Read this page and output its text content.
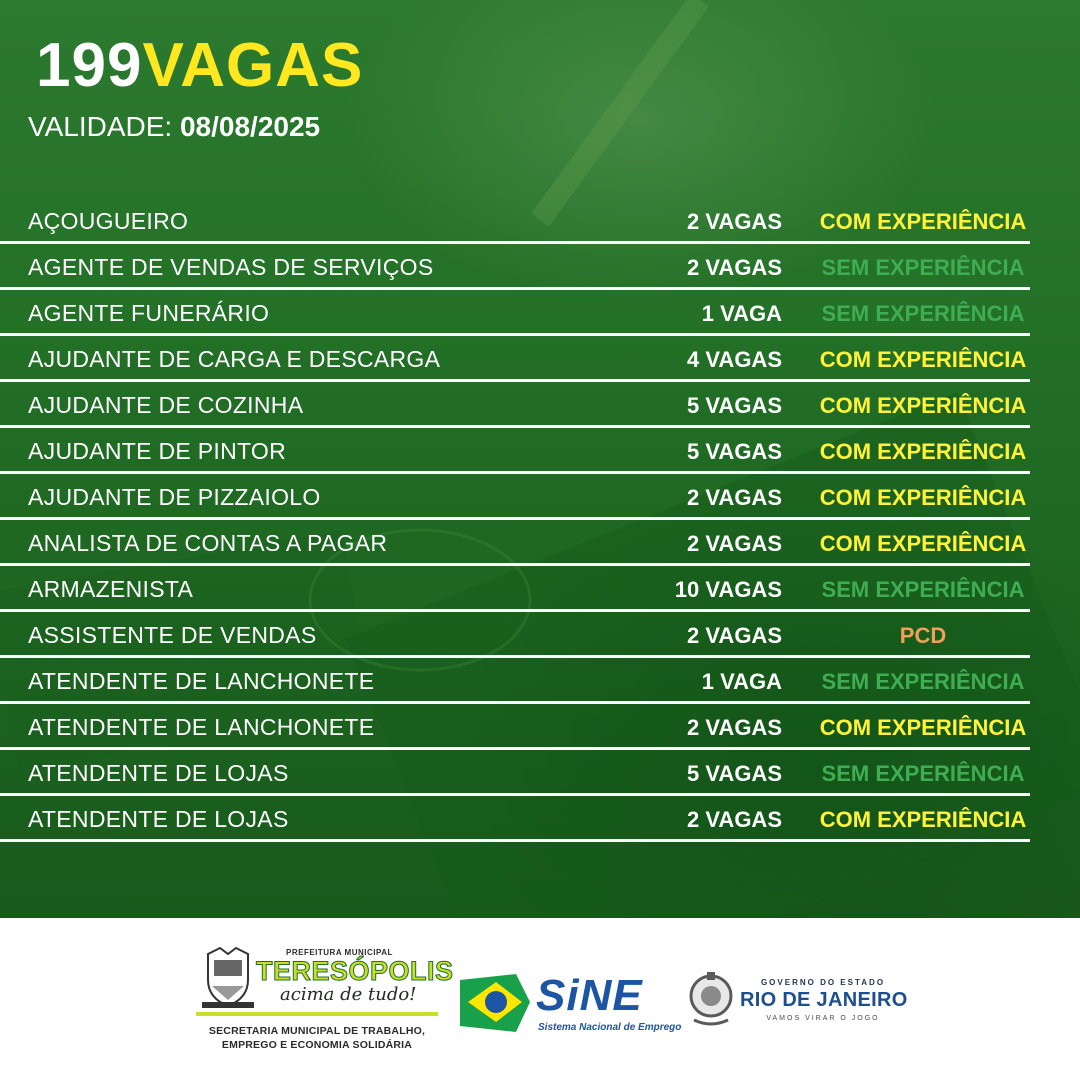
199VAGAS
VALIDADE: 08/08/2025
AÇOUGUEIRO	2 VAGAS	COM EXPERIÊNCIA
AGENTE DE VENDAS DE SERVIÇOS	2 VAGAS	SEM EXPERIÊNCIA
AGENTE FUNERÁRIO	1 VAGA	SEM EXPERIÊNCIA
AJUDANTE DE CARGA E DESCARGA	4 VAGAS	COM EXPERIÊNCIA
AJUDANTE DE COZINHA	5 VAGAS	COM EXPERIÊNCIA
AJUDANTE DE PINTOR	5 VAGAS	COM EXPERIÊNCIA
AJUDANTE DE PIZZAIOLO	2 VAGAS	COM EXPERIÊNCIA
ANALISTA DE CONTAS A PAGAR	2 VAGAS	COM EXPERIÊNCIA
ARMAZENISTA	10 VAGAS	SEM EXPERIÊNCIA
ASSISTENTE DE VENDAS	2 VAGAS	PCD
ATENDENTE DE LANCHONETE	1 VAGA	SEM EXPERIÊNCIA
ATENDENTE DE LANCHONETE	2 VAGAS	COM EXPERIÊNCIA
ATENDENTE DE LOJAS	5 VAGAS	SEM EXPERIÊNCIA
ATENDENTE DE LOJAS	2 VAGAS	COM EXPERIÊNCIA
PREFEITURA MUNICIPAL
TERESÓPOLIS
acima de tudo!
SECRETARIA MUNICIPAL DE TRABALHO,
EMPREGO E ECONOMIA SOLIDÁRIA
SiNE
Sistema Nacional de Emprego
GOVERNO DO ESTADO
RIO DE JANEIRO
VAMOS VIRAR O JOGO
